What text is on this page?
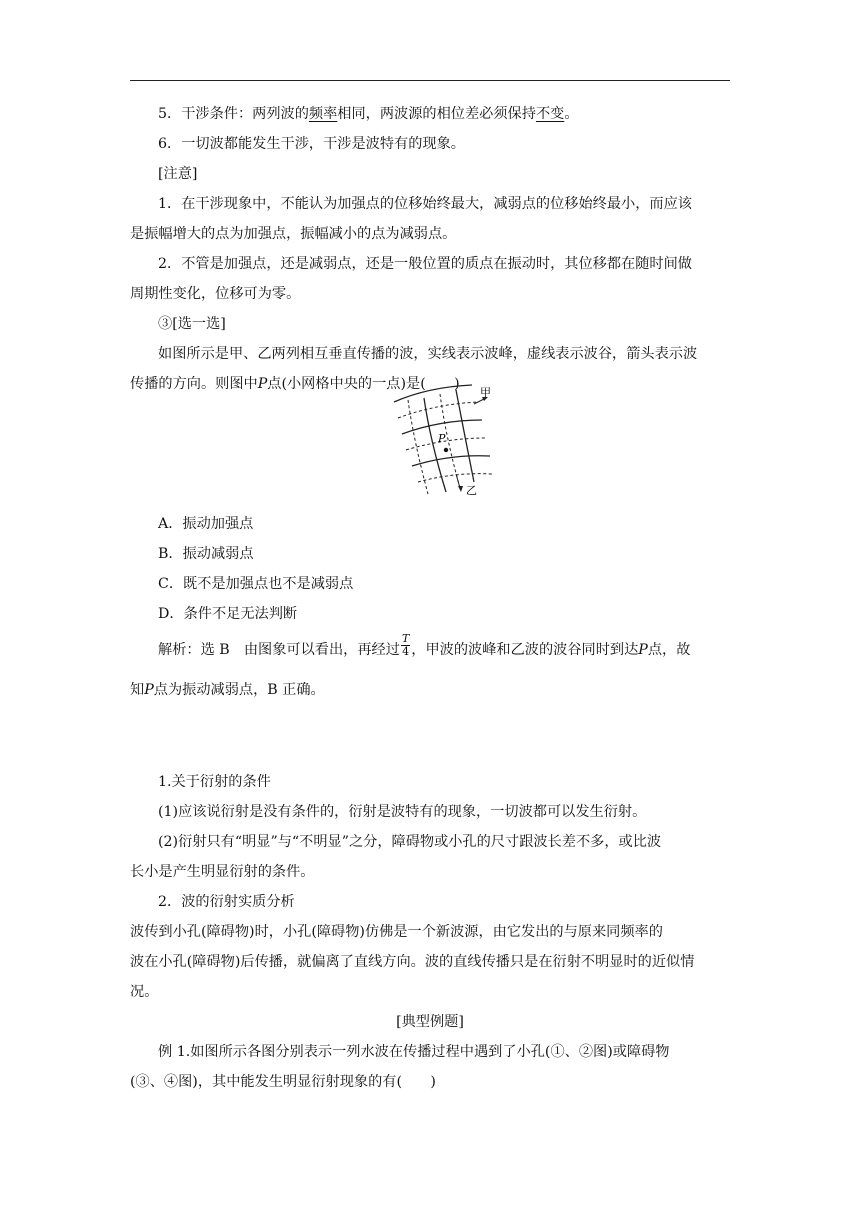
5．干涉条件：两列波的频率相同，两波源的相位差必须保持不变。
6．一切波都能发生干涉，干涉是波特有的现象。
[注意]
1．在干涉现象中，不能认为加强点的位移始终最大，减弱点的位移始终最小，而应该
是振幅增大的点为加强点，振幅减小的点为减弱点。
2．不管是加强点，还是减弱点，还是一般位置的质点在振动时，其位移都在随时间做
周期性变化，位移可为零。
③[选一选]
如图所示是甲、乙两列相互垂直传播的波，实线表示波峰，虚线表示波谷，箭头表示波
传播的方向。则图中P点(小网格中央的一点)是(　　)
P
甲
乙
A．振动加强点
B．振动减弱点
C．既不是加强点也不是减弱点
D．条件不足无法判断
解析：选 B　由图象可以看出，再经过 $\frac{T}{4}$ ，甲波的波峰和乙波的波谷同时到达P点，故
知P点为振动减弱点，B 正确。
1.关于衍射的条件
(1)应该说衍射是没有条件的，衍射是波特有的现象，一切波都可以发生衍射。
(2)衍射只有“明显”与“不明显”之分，障碍物或小孔的尺寸跟波长差不多，或比波
长小是产生明显衍射的条件。
2．波的衍射实质分析
波传到小孔(障碍物)时，小孔(障碍物)仿佛是一个新波源，由它发出的与原来同频率的
波在小孔(障碍物)后传播，就偏离了直线方向。波的直线传播只是在衍射不明显时的近似情
况。
[典型例题]
例 1.如图所示各图分别表示一列水波在传播过程中遇到了小孔(①、②图)或障碍物
(③、④图)，其中能发生明显衍射现象的有(　　)
